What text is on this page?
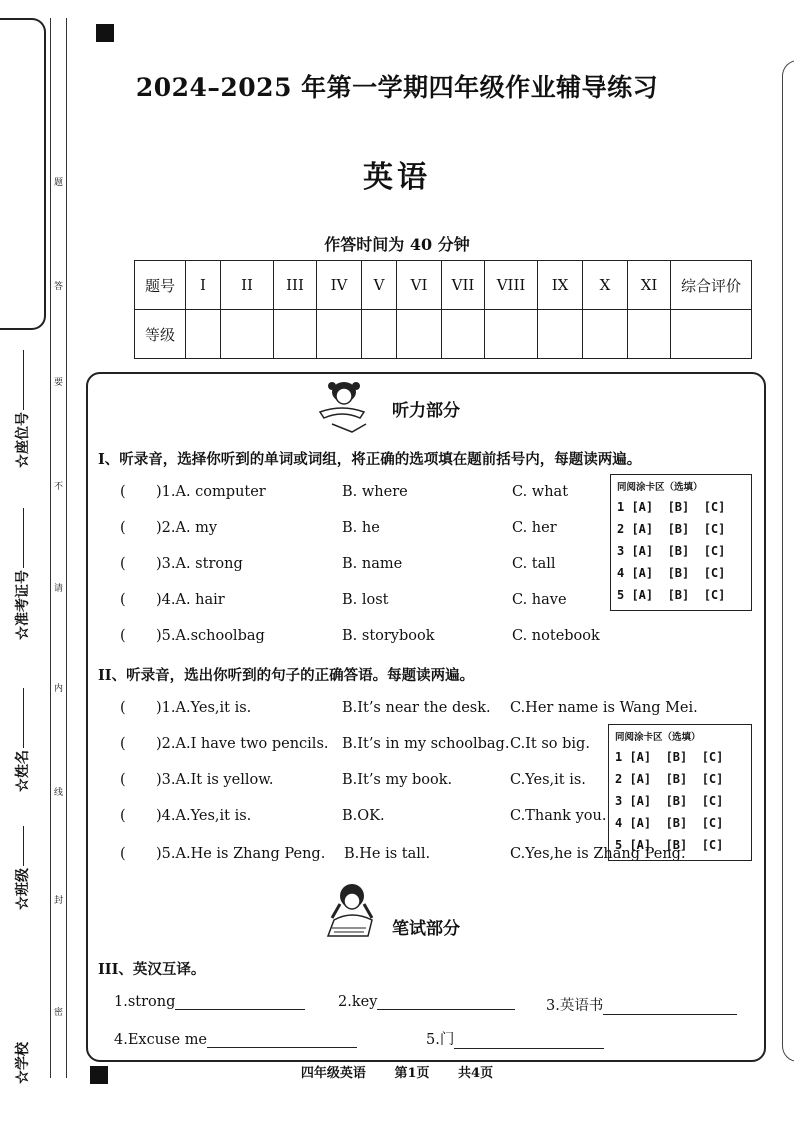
题
答
要
不
请
内
线
封
密
☆座位号
☆准考证号
☆姓名
☆班级
☆学校
2024–2025 年第一学期四年级作业辅导练习
英语
作答时间为 40 分钟
题号	I	II	III	IV	V	VI	VII	VIII	IX	X	XI	综合评价
等级												
听力部分
I、听录音，选择你听到的单词或词组，将正确的选项填在题前括号内，每题读两遍。
( )1.A. computer	B. where	C. what
( )2.A. my	B. he	C. her
( )3.A. strong	B. name	C. tall
( )4.A. hair	B. lost	C. have
( )5.A.schoolbag	B. storybook	C. notebook
同阅涂卡区（选填）
1 [A]  [B]  [C]
2 [A]  [B]  [C]
3 [A]  [B]  [C]
4 [A]  [B]  [C]
5 [A]  [B]  [C]
II、听录音，选出你听到的句子的正确答语。每题读两遍。
( )1.A.Yes,it is.	B.It’s near the desk. C.Her name is Wang Mei.
( )2.A.I have two pencils. B.It’s in my schoolbag. C.It so big.
( )3.A.It is yellow.	B.It’s my book.	C.Yes,it is.
( )4.A.Yes,it is.	B.OK.	C.Thank you.
( )5.A.He is Zhang Peng. B.He is tall.	C.Yes,he is Zhang Peng.
同阅涂卡区（选填）
1 [A]  [B]  [C]
2 [A]  [B]  [C]
3 [A]  [B]  [C]
4 [A]  [B]  [C]
5 [A]  [B]  [C]
笔试部分
III、英汉互译。
1.strong	2.key	3.英语书
4.Excuse me	5.门
四年级英语 第1页 共4页
